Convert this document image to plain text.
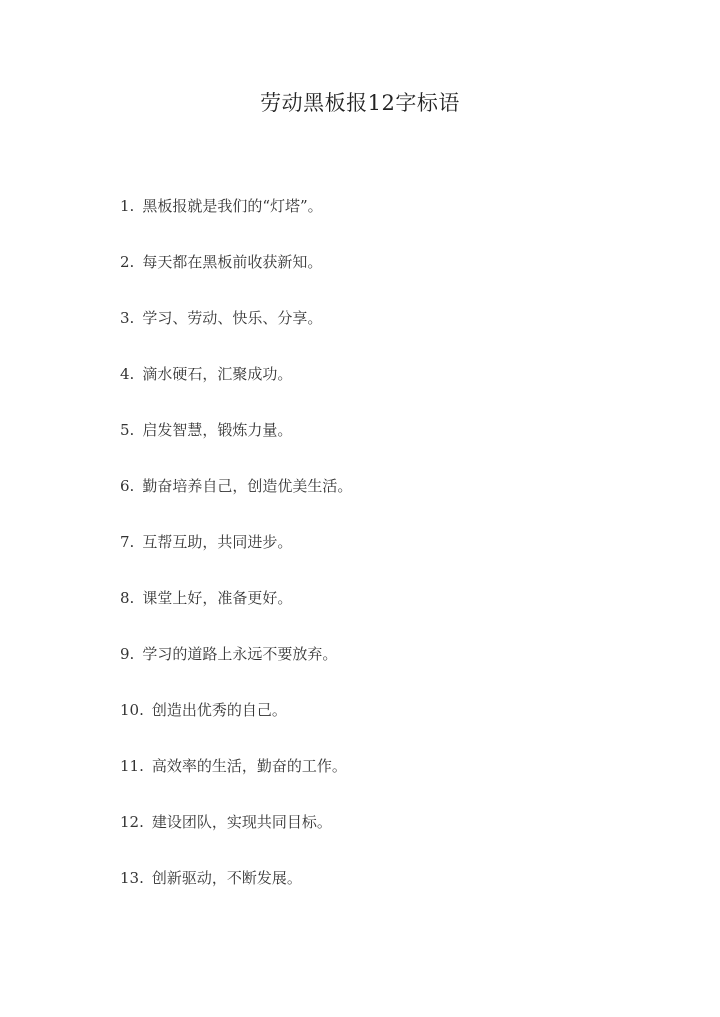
劳动黑板报12字标语
1. 黑板报就是我们的“灯塔”。
2. 每天都在黑板前收获新知。
3. 学习、劳动、快乐、分享。
4. 滴水硬石，汇聚成功。
5. 启发智慧，锻炼力量。
6. 勤奋培养自己，创造优美生活。
7. 互帮互助，共同进步。
8. 课堂上好，准备更好。
9. 学习的道路上永远不要放弃。
10. 创造出优秀的自己。
11. 高效率的生活，勤奋的工作。
12. 建设团队，实现共同目标。
13. 创新驱动，不断发展。
